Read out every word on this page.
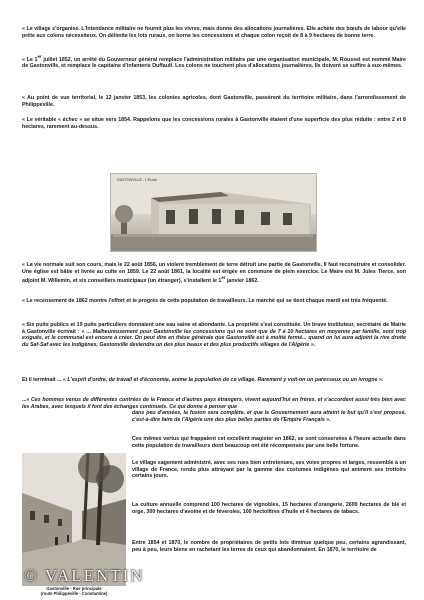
« Le village s'organise. L'Intendance militaire ne fournit plus les vivres, mais donne des allocations journalières. Elle achète des bœufs de labour qu'elle prête aux colons nécessiteux. On délimite les lots ruraux, on borne les concessions et chaque colon reçoit de 8 à 9 hectares de bonne terre.

« Le 1er juillet 1852, un arrêté du Gouverneur général remplace l'administration militaire par une organisation municipale, M. Roussel est nommé Maire de Gastonville, et remplace le capitaine d'infanterie Duffault. Les colons ne touchent plus d'allocations journalières. Ils doivent se suffire à eux-mêmes.

« Au point de vue territorial, le 12 janvier 1853, les colonies agricoles, dont Gastonville, passèrent du territoire militaire, dans l'arrondissement de Philippeville.

« Le véritable « échec » se situe vers 1854. Rappelons que les concessions rurales à Gastonville étaient d'une superficie des plus réduite : entre 2 et 8 hectares, rarement au-dessus.

GASTONVILLE - L'École

« La vie normale suit son cours, mais le 22 août 1856, un violent tremblement de terre détruit une partie de Gastonville. Il faut reconstruire et consolider. Une église est bâtie et livrée au culte en 1859. Le 22 août 1861, la localité est érigée en commune de plein exercice. Le Maire est M. Jules Tierce, son adjoint M. Willemin, et six conseillers municipaux (un étranger), s'installent le 1er janvier 1862.

« Le recensement de 1862 montre l'effort et le progrès de cette population de travailleurs. Le marché qui se tient chaque mardi est très fréquenté.

« Six puits publics et 19 puits particuliers donnaient une eau saine et abondante. La propriété s'est constituée. Un brave instituteur, secrétaire de Mairie à Gastonville écrivait : « ... Malheureusement pour Gastonville les concessions qui ne sont que de 7 à 10 hectares en moyenne par famille, sont trop exiguës, et le communal est encore à créer. On peut dire en thèse générale que Gastonville est à moitié fermé... quand on lui aura adjoint la rive droite du Saf-Saf avec les Indigènes, Gastonville deviendra un des plus beaux et des plus productifs villages de l'Algérie ».

Et il terminait ... « L'esprit d'ordre, de travail et d'économie, anime la population de ce village. Rarement y voit-on un paresseux ou un ivrogne ».

...« Ces hommes venus de différentes contrées de la France et d'autres pays étrangers, vivent aujourd'hui en frères, et s'accordent aussi très bien avec les Arabes, avec lesquels il font des échanges continuels. Ce qui donne à penser que

Gastonville - Rue principale
(route Philippeville - Constantine)
© VALENTIN

dans peu d'années, la fusion sera complète, et que le Gouvernement aura atteint le but qu'il s'est proposé, c'est-à-dire faire de l'Algérie une des plus belles parties de l'Empire Français ».

Ces mêmes vertus qui frappaient cet excellent magister en 1862, se sont conservées à l'heure actuelle dans cette population de travailleurs dont beaucoup ont été récompensés par une belle fortune.

Le village sagement administré, avec ses rues bien entretenues, ses voies propres et larges, ressemble à un village de France, rendu plus attrayant par la gamme des costumes indigènes qui animent ses trottoirs certains jours.

La culture annuelle comprend 100 hectares de vignobles, 15 hectares d'orangerie, 2600 hectares de blé et orge, 300 hectares d'avoine et de féveroles, 100 hectolitres d'huile et 4 hectares de tabacs.

Entre 1854 et 1870, le nombre de propriétaires de petits lots diminue quelque peu, certains agrandissant, peu à peu, leurs biens en rachetant les terres de ceux qui abandonnaient. En 1870, le territoire de
